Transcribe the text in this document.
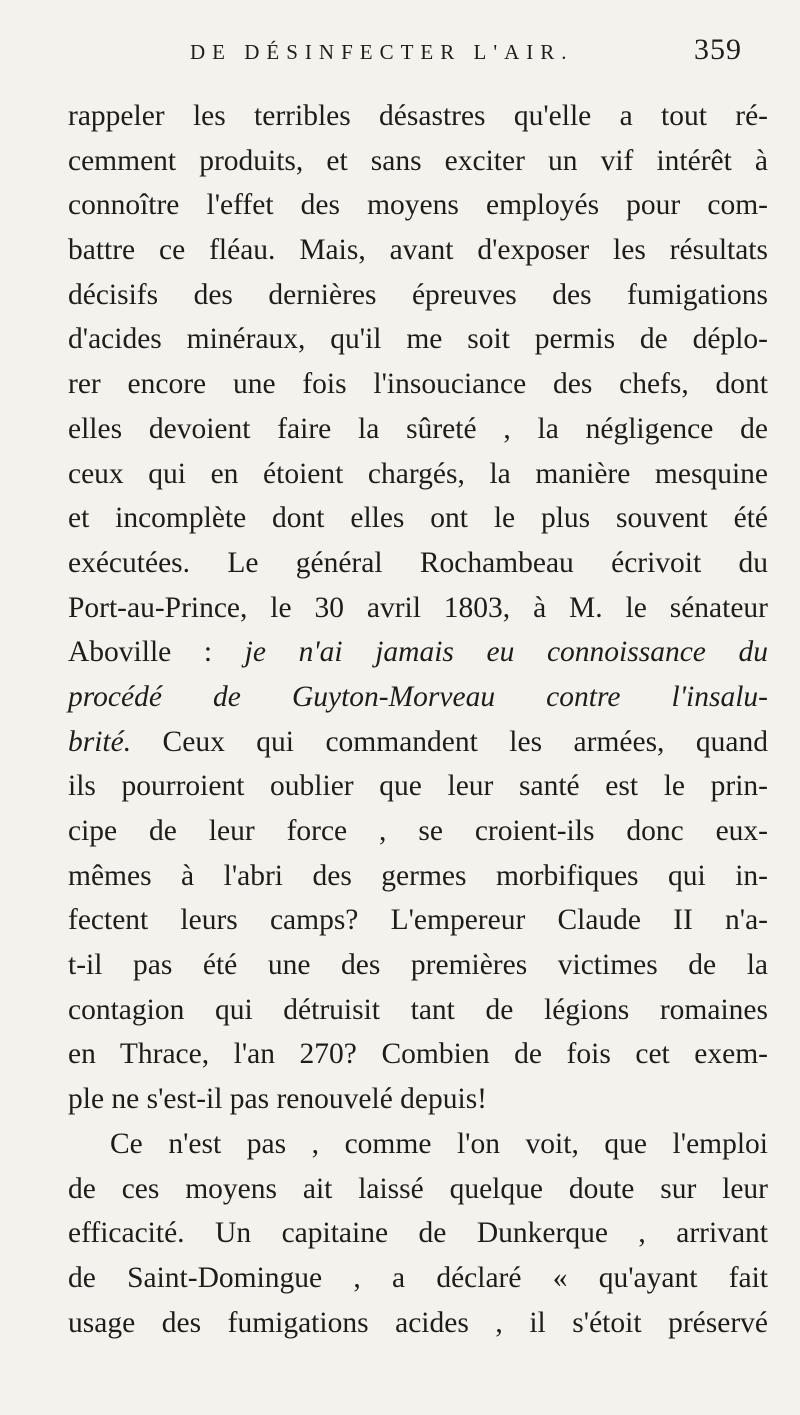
DE DÉSINFECTER L'AIR.	359
rappeler les terribles désastres qu'elle a tout ré-
cemment produits, et sans exciter un vif intérêt à
connoître l'effet des moyens employés pour com-
battre ce fléau. Mais, avant d'exposer les résultats
décisifs des dernières épreuves des fumigations
d'acides minéraux, qu'il me soit permis de déplo-
rer encore une fois l'insouciance des chefs, dont
elles devoient faire la sûreté , la négligence de
ceux qui en étoient chargés, la manière mesquine
et incomplète dont elles ont le plus souvent été
exécutées. Le général Rochambeau écrivoit du
Port-au-Prince, le 30 avril 1803, à M. le sénateur
Aboville : je n'ai jamais eu connoissance du
procédé de Guyton-Morveau contre l'insalu-
brité. Ceux qui commandent les armées, quand
ils pourroient oublier que leur santé est le prin-
cipe de leur force , se croient-ils donc eux-
mêmes à l'abri des germes morbifiques qui in-
fectent leurs camps? L'empereur Claude II n'a-
t-il pas été une des premières victimes de la
contagion qui détruisit tant de légions romaines
en Thrace, l'an 270? Combien de fois cet exem-
ple ne s'est-il pas renouvelé depuis!
Ce n'est pas , comme l'on voit, que l'emploi
de ces moyens ait laissé quelque doute sur leur
efficacité. Un capitaine de Dunkerque , arrivant
de Saint-Domingue , a déclaré « qu'ayant fait
usage des fumigations acides , il s'étoit préservé
